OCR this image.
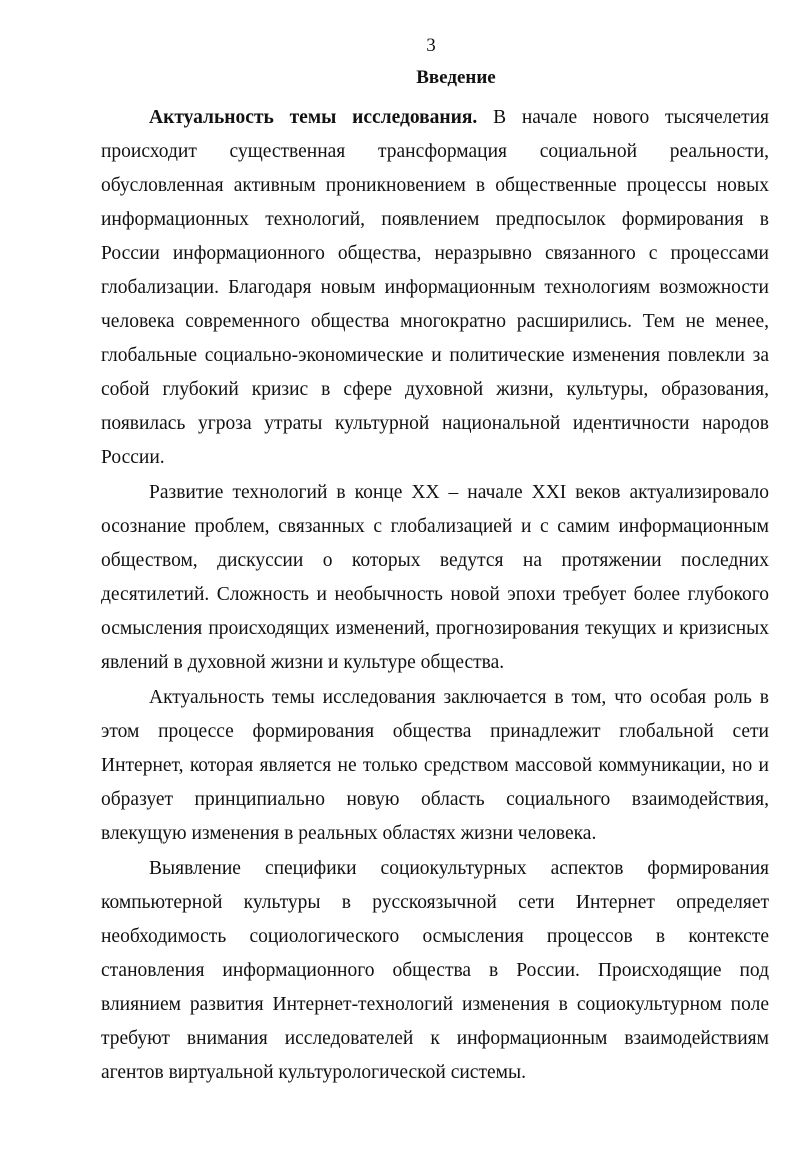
3
Введение

Актуальность темы исследования. В начале нового тысячелетия происходит существенная трансформация социальной реальности, обусловленная активным проникновением в общественные процессы новых информационных технологий, появлением предпосылок формирования в России информационного общества, неразрывно связанного с процессами глобализации. Благодаря новым информационным технологиям возможности человека современного общества многократно расширились. Тем не менее, глобальные социально-экономические и политические изменения повлекли за собой глубокий кризис в сфере духовной жизни, культуры, образования, появилась угроза утраты культурной национальной идентичности народов России.

Развитие технологий в конце XX – начале XXI веков актуализировало осознание проблем, связанных с глобализацией и с самим информационным обществом, дискуссии о которых ведутся на протяжении последних десятилетий. Сложность и необычность новой эпохи требует более глубокого осмысления происходящих изменений, прогнозирования текущих и кризисных явлений в духовной жизни и культуре общества.

Актуальность темы исследования заключается в том, что особая роль в этом процессе формирования общества принадлежит глобальной сети Интернет, которая является не только средством массовой коммуникации, но и образует принципиально новую область социального взаимодействия, влекущую изменения в реальных областях жизни человека.

Выявление специфики социокультурных аспектов формирования компьютерной культуры в русскоязычной сети Интернет определяет необходимость социологического осмысления процессов в контексте становления информационного общества в России. Происходящие под влиянием развития Интернет-технологий изменения в социокультурном поле требуют внимания исследователей к информационным взаимодействиям агентов виртуальной культурологической системы.
